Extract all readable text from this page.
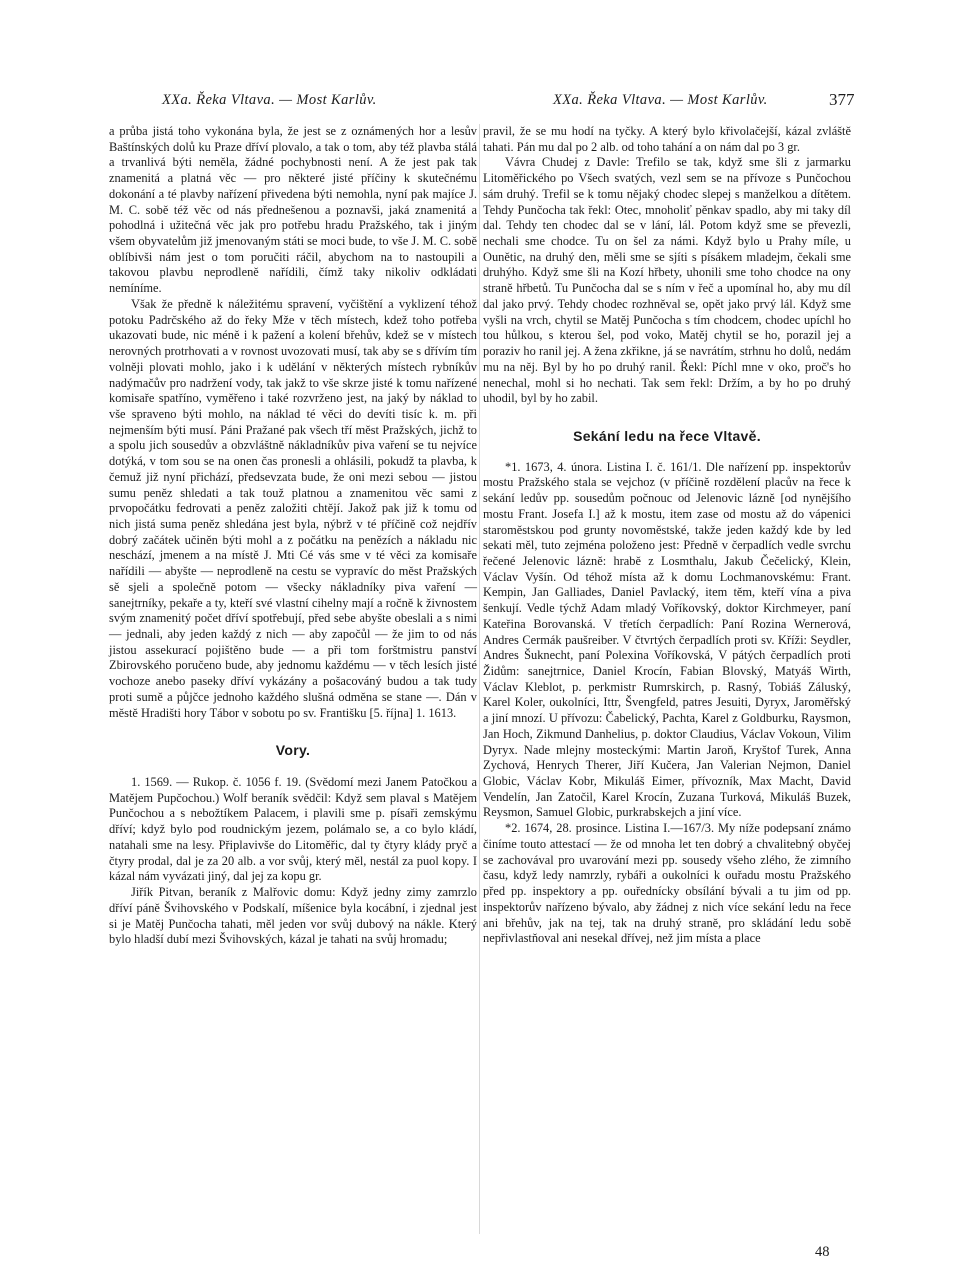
XXa. Řeka Vltava. — Most Karlův.	XXa. Řeka Vltava. — Most Karlův.	377

a průba jistá toho vykonána byla, že jest se z oznámených hor a lesův Baštínských dolů ku Praze dříví plovalo, a tak o tom, aby též plavba stálá a trvanlivá býti neměla, žádné pochybnosti není. A že jest pak tak znamenitá a platná věc — pro některé jisté příčiny k skutečnému dokonání a té plavby nařízení přivedena býti nemohla, nyní pak majíce J. M. C. sobě též věc od nás přednešenou a poznavši, jaká znamenitá a pohodlná i užitečná věc jak pro potřebu hradu Pražského, tak i jiným všem obyvatelům již jmenovaným státi se moci bude, to vše J. M. C. sobě oblíbivši nám jest o tom poručiti ráčil, abychom na to nastoupili a takovou plavbu neprodleně nařídili, čímž taky nikoliv odkládati nemíníme.

Však že předně k náležitému spravení, vyčištění a vyklizení téhož potoku Padrčského až do řeky Mže v těch místech, kdež toho potřeba ukazovati bude, nic méně i k pažení a kolení břehův, kdež se v místech nerovných protrhovati a v rovnost uvozovati musí, tak aby se s dřívím tím volněji plovati mohlo, jako i k udělání v některých místech rybníkův nadýmačův pro nadržení vody, tak jakž to vše skrze jisté k tomu nařízené komisaře spatříno, vyměřeno i také rozvrženo jest, na jaký by náklad to vše spraveno býti mohlo, na náklad té věci do devíti tisíc k. m. při nejmenším býti musí. Páni Pražané pak všech tří měst Pražských, jichž to a spolu jich sousedův a obzvláštně nákladníkův piva vaření se tu nejvíce dotýká, v tom sou se na onen čas pronesli a ohlásili, pokudž ta plavba, k čemuž již nyní přichází, předsevzata bude, že oni mezi sebou — jistou sumu peněz shledati a tak touž platnou a znamenitou věc sami z prvopočátku fedrovati a peněz založiti chtějí. Jakož pak již k tomu od nich jistá suma peněz shledána jest byla, nýbrž v té příčině což nejdřív dobrý začátek učiněn býti mohl a z počátku na penězích a nákladu nic neschází, jmenem a na místě J. Mti Cé vás sme v té věci za komisaře nařídili — abyšte — neprodleně na cestu se vypravíc do měst Pražských sě sjeli a společně potom — všecky nákladníky piva vaření — sanejtrníky, pekaře a ty, kteří své vlastní cihelny mají a ročně k živnostem svým znamenitý počet dříví spotřebují, před sebe abyšte obeslali a s nimi — jednali, aby jeden každý z nich — aby započůl — že jim to od nás jistou assekurací pojištěno bude — a při tom forštmistru panství Zbirovského poručeno bude, aby jednomu každému — v těch lesích jisté vochoze anebo paseky dříví vykázány a pošacováný budou a tak tudy proti sumě a půjčce jednoho každého slušná odměna se stane —. Dán v městě Hradišti hory Tábor v sobotu po sv. Františku [5. října] 1. 1613.

Vory.

1. 1569. — Rukop. č. 1056 f. 19. (Svědomí mezi Janem Patočkou a Matějem Pupčochou.) Wolf beraník svědčil: Když sem plaval s Matějem Punčochou a s nebožtíkem Palacem, i plavili sme p. písaři zemskýmu dříví; když bylo pod roudnickým jezem, polámalo se, a co bylo kládí, natahali sme na lesy. Připlavivše do Litoměřic, dal ty čtyry klády pryč a čtyry prodal, dal je za 20 alb. a vor svůj, který měl, nestál za puol kopy. I kázal nám vyvázati jiný, dal jej za kopu gr.

Jiřík Pitvan, beraník z Malřovic domu: Když jedny zimy zamrzlo dříví páně Švihovského v Podskalí, míšenice byla kocábní, i zjednal jest si je Matěj Punčocha tahati, měl jeden vor svůj dubový na nákle. Který bylo hladší dubí mezi Švihovských, kázal je tahati na svůj hromadu;

pravil, že se mu hodí na tyčky. A který bylo křivolačejší, kázal zvláště tahati. Pán mu dal po 2 alb. od toho tahání a on nám dal po 3 gr.

Vávra Chudej z Davle: Trefilo se tak, když sme šli z jarmarku Litoměřického po Všech svatých, vezl sem se na přívoze s Punčochou sám druhý. Trefil se k tomu nějaký chodec slepej s manželkou a dítětem. Tehdy Punčocha tak řekl: Otec, mnoholiť pěnkav spadlo, aby mi taky díl dal. Tehdy ten chodec dal se v lání, lál. Potom když sme se převezli, nechali sme chodce. Tu on šel za námi. Když bylo u Prahy míle, u Ounětic, na druhý den, měli sme se sjíti s písákem mladejm, čekali sme druhýho. Když sme šli na Kozí hřbety, uhonili sme toho chodce na ony straně hřbetů. Tu Punčocha dal se s ním v řeč a upomínal ho, aby mu díl dal jako prvý. Tehdy chodec rozhněval se, opět jako prvý lál. Když sme vyšli na vrch, chytil se Matěj Punčocha s tím chodcem, chodec upíchl ho tou hůlkou, s kterou šel, pod voko, Matěj chytil se ho, porazil jej a poraziv ho ranil jej. A žena zkřikne, já se navrátím, strhnu ho dolů, nedám mu na něj. Byl by ho po druhý ranil. Řekl: Píchl mne v oko, proč's ho nenechal, mohl si ho nechati. Tak sem řekl: Držím, a by ho po druhý uhodil, byl by ho zabil.

Sekání ledu na řece Vltavě.

*1. 1673, 4. února. Listina I. č. 161/1. Dle nařízení pp. inspektorův mostu Pražského stala se vejchoz (v příčině rozdělení placův na řece k sekání ledův pp. sousedům počnouc od Jelenovic lázně [od nynějšího mostu Frant. Josefa I.] až k mostu, item zase od mostu až do vápenici staroměstskou pod grunty novoměstské, takže jeden každý kde by led sekati měl, tuto zejména položeno jest: Předně v čerpadlích vedle svrchu řečené Jelenovic lázně: hrabě z Losmthalu, Jakub Čečelický, Klein, Václav Vyšín. Od téhož místa až k domu Lochmanovskému: Frant. Kempin, Jan Galliades, Daniel Pavlacký, item těm, kteří vína a piva šenkují. Vedle týchž Adam mladý Voříkovský, doktor Kirchmeyer, paní Kateřina Borovanská. V třetích čerpadlích: Paní Rozina Wernerová, Andres Cermák paušreiber. V čtvrtých čerpadlích proti sv. Kříži: Seydler, Andres Šuknecht, paní Polexina Voříkovská, V pátých čerpadlích proti Židům: sanejtrnice, Daniel Krocín, Fabian Blovský, Matyáš Wirth, Václav Kleblot, p. perkmistr Rumrskirch, p. Rasný, Tobiáš Záluský, Karel Koler, oukolníci, Ittr, Švengfeld, patres Jesuiti, Dyryx, Jaroměřský a jiní mnozí. U přívozu: Čabelický, Pachta, Karel z Goldburku, Raysmon, Jan Hoch, Zikmund Danhelius, p. doktor Claudius, Václav Vokoun, Vilim Dyryx. Nade mlejny mosteckými: Martin Jaroň, Kryštof Turek, Anna Zychová, Henrych Therer, Jiří Kučera, Jan Valerian Nejmon, Daniel Globic, Václav Kobr, Mikuláš Eimer, přívozník, Max Macht, David Vendelín, Jan Zatočil, Karel Krocín, Zuzana Turková, Mikuláš Buzek, Reysmon, Samuel Globic, purkrabskejch a jiní více.

*2. 1674, 28. prosince. Listina I.—167/3. My níže podepsaní známo činíme touto attestací — že od mnoha let ten dobrý a chvalitebný obyčej se zachovával pro uvarování mezi pp. sousedy všeho zlého, že zimního času, když ledy namrzly, rybáři a oukolníci k ouřadu mostu Pražského před pp. inspektory a pp. ouřednícky obsílání bývali a tu jim od pp. inspektorův nařízeno bývalo, aby žádnej z nich více sekání ledu na řece ani břehův, jak na tej, tak na druhý straně, pro skládání ledu sobě nepřivlastňoval ani nesekal dřívej, než jim místa a place

48
